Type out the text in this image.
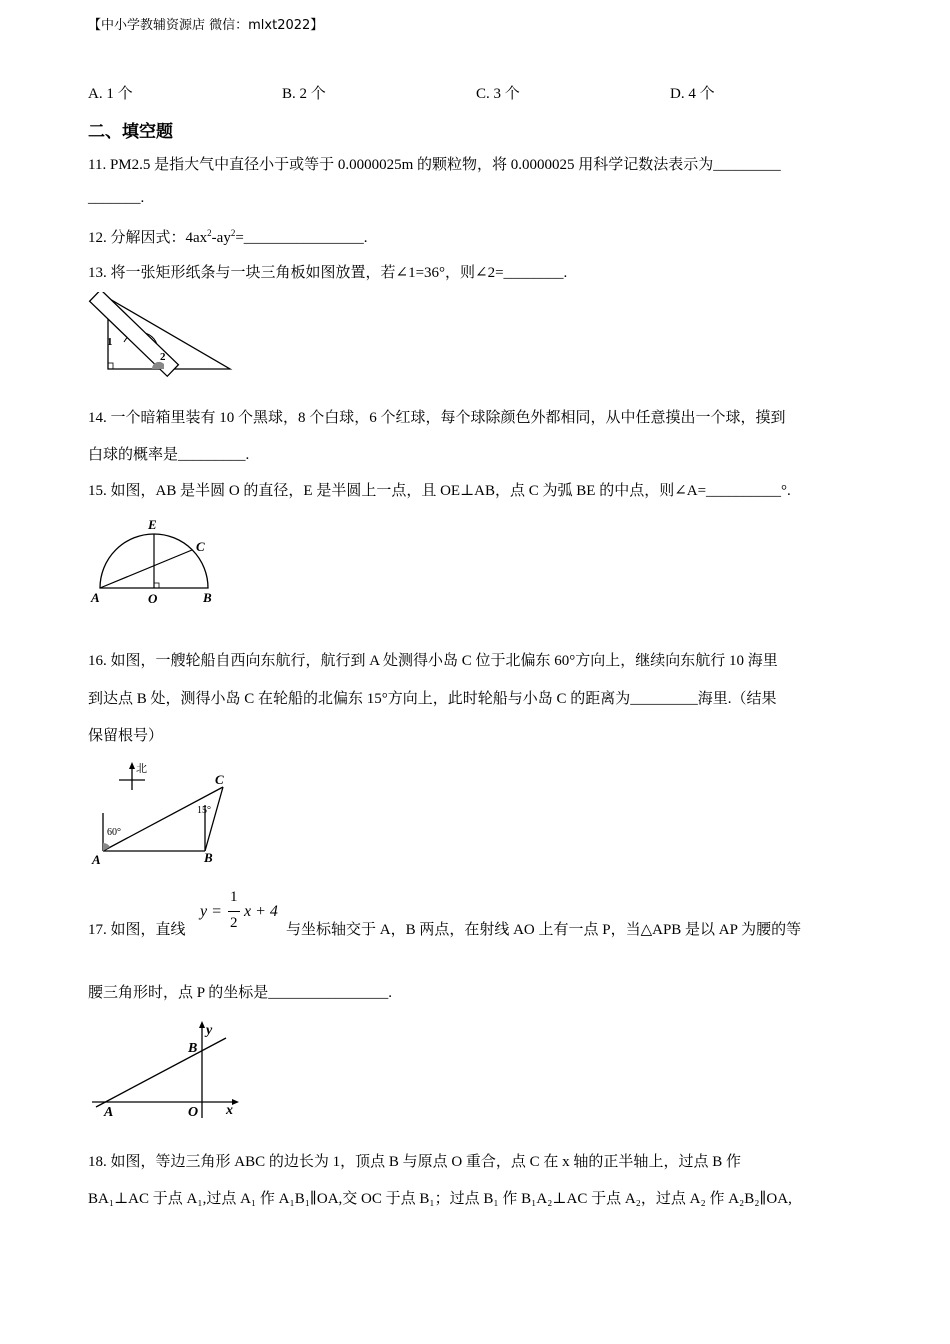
【中小学教辅资源店 微信：mlxt2022】
A. 1 个	B. 2 个	C. 3 个	D. 4 个
二、填空题
11. PM2.5 是指大气中直径小于或等于 0.0000025m 的颗粒物，将 0.0000025 用科学记数法表示为_________
_______.
12. 分解因式：$4ax^2-ay^2=\_\_\_\_\_\_\_\_\_\_\_\_\_\_\_\_$.
13. 将一张矩形纸条与一块三角板如图放置，若∠1=36°，则∠2=________.
1
2
14. 一个暗箱里装有 10 个黑球，8 个白球，6 个红球，每个球除颜色外都相同，从中任意摸出一个球，摸到
白球的概率是_________.
15. 如图，AB 是半圆 O 的直径，E 是半圆上一点，且 OE⊥AB，点 C 为弧 BE 的中点，则∠A=__________°.
E
C
A	O	B
16. 如图，一艘轮船自西向东航行，航行到 A 处测得小岛 C 位于北偏东 60°方向上，继续向东航行 10 海里
到达点 B 处，测得小岛 C 在轮船的北偏东 15°方向上，此时轮船与小岛 C 的距离为_________海里.（结果
保留根号）
北
C
15°
60°
A	B
17. 如图，直线
y =
1
2
x + 4
与坐标轴交于 A，B 两点，在射线 AO 上有一点 P，当△APB 是以 AP 为腰的等
腰三角形时，点 P 的坐标是________________.
y
B
A	O x
18. 如图，等边三角形 ABC 的边长为 1，顶点 B 与原点 O 重合，点 C 在 x 轴的正半轴上，过点 B 作
BA₁⊥AC 于点 A₁,过点 A₁ 作 A₁B₁∥OA,交 OC 于点 B₁；过点 B₁ 作 B₁A₂⊥AC 于点 A₂，过点 A₂ 作 A₂B₂∥OA,
